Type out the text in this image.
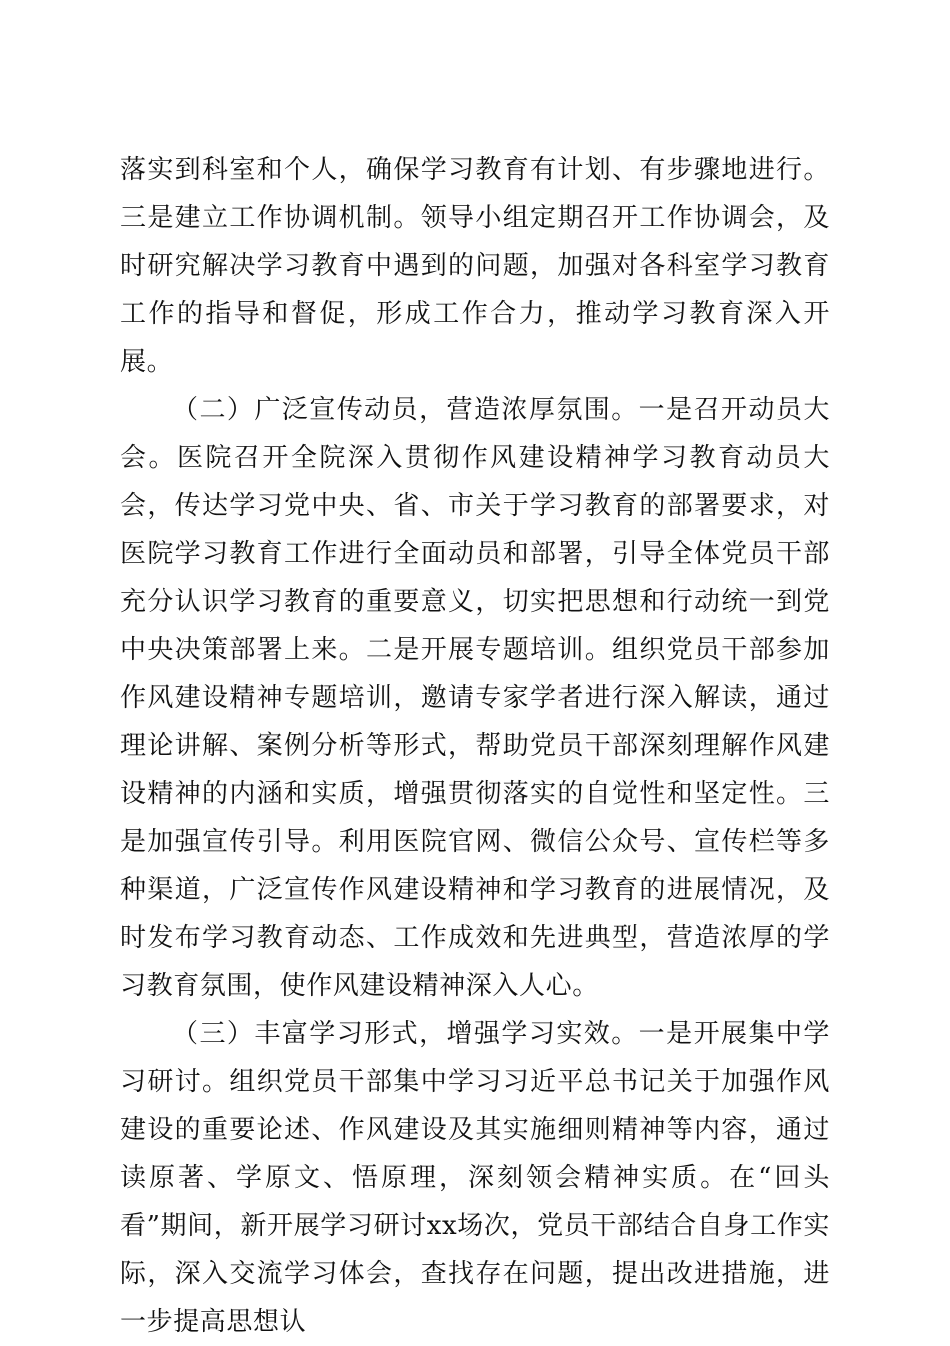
落实到科室和个人，确保学习教育有计划、有步骤地进行。三是建立工作协调机制。领导小组定期召开工作协调会，及时研究解决学习教育中遇到的问题，加强对各科室学习教育工作的指导和督促，形成工作合力，推动学习教育深入开展。

（二）广泛宣传动员，营造浓厚氛围。一是召开动员大会。医院召开全院深入贯彻作风建设精神学习教育动员大会，传达学习党中央、省、市关于学习教育的部署要求，对医院学习教育工作进行全面动员和部署，引导全体党员干部充分认识学习教育的重要意义，切实把思想和行动统一到党中央决策部署上来。二是开展专题培训。组织党员干部参加作风建设精神专题培训，邀请专家学者进行深入解读，通过理论讲解、案例分析等形式，帮助党员干部深刻理解作风建设精神的内涵和实质，增强贯彻落实的自觉性和坚定性。三是加强宣传引导。利用医院官网、微信公众号、宣传栏等多种渠道，广泛宣传作风建设精神和学习教育的进展情况，及时发布学习教育动态、工作成效和先进典型，营造浓厚的学习教育氛围，使作风建设精神深入人心。

（三）丰富学习形式，增强学习实效。一是开展集中学习研讨。组织党员干部集中学习习近平总书记关于加强作风建设的重要论述、作风建设及其实施细则精神等内容，通过读原著、学原文、悟原理，深刻领会精神实质。在“回头看”期间，新开展学习研讨xx场次，党员干部结合自身工作实际，深入交流学习体会，查找存在问题，提出改进措施，进一步提高思想认
